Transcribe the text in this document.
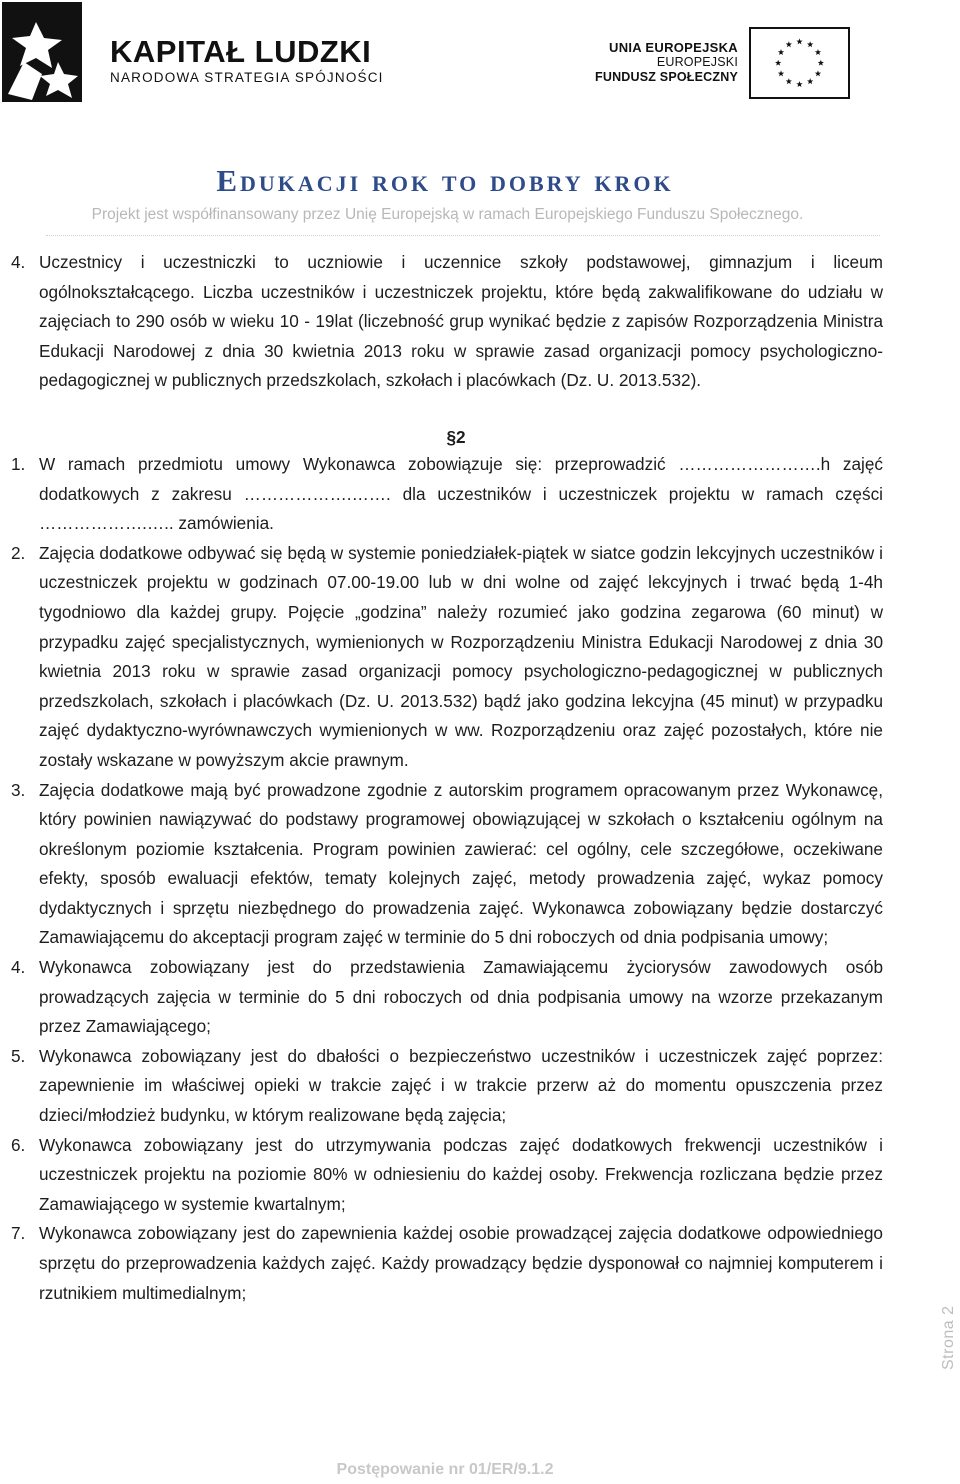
KAPITAŁ LUDZKI
NARODOWA STRATEGIA SPÓJNOŚCI
UNIA EUROPEJSKA
EUROPEJSKI
FUNDUSZ SPOŁECZNY
Edukacji rok to dobry krok
Projekt jest współfinansowany przez Unię Europejską w ramach Europejskiego Funduszu Społecznego.
4. Uczestnicy i uczestniczki to uczniowie i uczennice szkoły podstawowej, gimnazjum i liceum ogólnokształcącego. Liczba uczestników i uczestniczek projektu, które będą zakwalifikowane do udziału w zajęciach to 290 osób w wieku 10 - 19lat (liczebność grup wynikać będzie z zapisów Rozporządzenia Ministra Edukacji Narodowej z dnia 30 kwietnia 2013 roku w sprawie zasad organizacji pomocy psychologiczno-pedagogicznej w publicznych przedszkolach, szkołach i placówkach (Dz. U. 2013.532).
§2
1. W ramach przedmiotu umowy Wykonawca zobowiązuje się: przeprowadzić …………………….h zajęć dodatkowych z zakresu ……………….……. dla uczestników i uczestniczek projektu w ramach części ……………….….. zamówienia.
2. Zajęcia dodatkowe odbywać się będą w systemie poniedziałek-piątek w siatce godzin lekcyjnych uczestników i uczestniczek projektu w godzinach 07.00-19.00 lub w dni wolne od zajęć lekcyjnych i trwać będą 1-4h tygodniowo dla każdej grupy. Pojęcie „godzina” należy rozumieć jako godzina zegarowa (60 minut) w przypadku zajęć specjalistycznych, wymienionych w Rozporządzeniu Ministra Edukacji Narodowej z dnia 30 kwietnia 2013 roku w sprawie zasad organizacji pomocy psychologiczno-pedagogicznej w publicznych przedszkolach, szkołach i placówkach (Dz. U. 2013.532) bądź jako godzina lekcyjna (45 minut) w przypadku zajęć dydaktyczno-wyrównawczych wymienionych w ww. Rozporządzeniu oraz zajęć pozostałych, które nie zostały wskazane w powyższym akcie prawnym.
3. Zajęcia dodatkowe mają być prowadzone zgodnie z autorskim programem opracowanym przez Wykonawcę, który powinien nawiązywać do podstawy programowej obowiązującej w szkołach o kształceniu ogólnym na określonym poziomie kształcenia. Program powinien zawierać: cel ogólny, cele szczegółowe, oczekiwane efekty, sposób ewaluacji efektów, tematy kolejnych zajęć, metody prowadzenia zajęć, wykaz pomocy dydaktycznych i sprzętu niezbędnego do prowadzenia zajęć. Wykonawca zobowiązany będzie dostarczyć Zamawiającemu do akceptacji program zajęć w terminie do 5 dni roboczych od dnia podpisania umowy;
4. Wykonawca zobowiązany jest do przedstawienia Zamawiającemu życiorysów zawodowych osób prowadzących zajęcia w terminie do 5 dni roboczych od dnia podpisania umowy na wzorze przekazanym przez Zamawiającego;
5. Wykonawca zobowiązany jest do dbałości o bezpieczeństwo uczestników i uczestniczek zajęć poprzez: zapewnienie im właściwej opieki w trakcie zajęć i w trakcie przerw aż do momentu opuszczenia przez dzieci/młodzież budynku, w którym realizowane będą zajęcia;
6. Wykonawca zobowiązany jest do utrzymywania podczas zajęć dodatkowych frekwencji uczestników i uczestniczek projektu na poziomie 80% w odniesieniu do każdej osoby. Frekwencja rozliczana będzie przez Zamawiającego w systemie kwartalnym;
7. Wykonawca zobowiązany jest do zapewnienia każdej osobie prowadzącej zajęcia dodatkowe odpowiedniego sprzętu do przeprowadzenia każdych zajęć. Każdy prowadzący będzie dysponował co najmniej komputerem i rzutnikiem multimedialnym;
Strona 2
Postępowanie nr 01/ER/9.1.2
